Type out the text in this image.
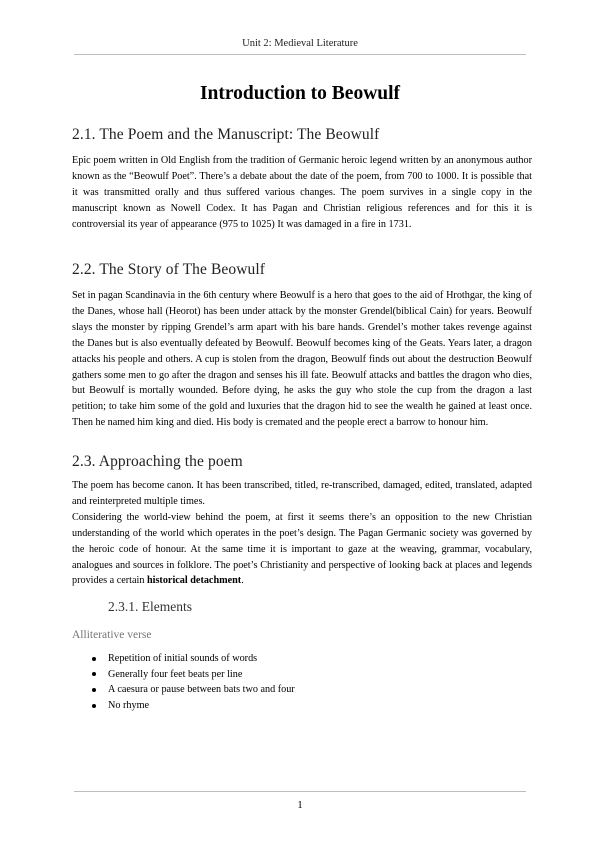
Unit 2: Medieval Literature
Introduction to Beowulf
2.1. The Poem and the Manuscript: The Beowulf

Epic poem written in Old English from the tradition of Germanic heroic legend written by an anonymous author known as the “Beowulf Poet”. There’s a debate about the date of the poem, from 700 to 1000. It is possible that it was transmitted orally and thus suffered various changes. The poem survives in a single copy in the manuscript known as Nowell Codex. It has Pagan and Christian religious references and for this it is controversial its year of appearance (975 to 1025) It was damaged in a fire in 1731.

2.2. The Story of The Beowulf

Set in pagan Scandinavia in the 6th century where Beowulf is a hero that goes to the aid of Hrothgar, the king of the Danes, whose hall (Heorot) has been under attack by the monster Grendel(biblical Cain) for years. Beowulf slays the monster by ripping Grendel’s arm apart with his bare hands. Grendel’s mother takes revenge against the Danes but is also eventually defeated by Beowulf. Beowulf becomes king of the Geats. Years later, a dragon attacks his people and others. A cup is stolen from the dragon, Beowulf finds out about the destruction Beowulf gathers some men to go after the dragon and senses his ill fate. Beowulf attacks and battles the dragon who dies, but Beowulf is mortally wounded. Before dying, he asks the guy who stole the cup from the dragon a last petition; to take him some of the gold and luxuries that the dragon hid to see the wealth he gained at least once. Then he named him king and died. His body is cremated and the people erect a barrow to honour him.

2.3. Approaching the poem

The poem has become canon. It has been transcribed, titled, re-transcribed, damaged, edited, translated, adapted and reinterpreted multiple times.
Considering the world-view behind the poem, at first it seems there’s an opposition to the new Christian understanding of the world which operates in the poet’s design. The Pagan Germanic society was governed by the heroic code of honour. At the same time it is important to gaze at the weaving, grammar, vocabulary, analogues and sources in folklore. The poet’s Christianity and perspective of looking back at places and legends provides a certain historical detachment.

2.3.1. Elements
Alliterative verse
Repetition of initial sounds of words
Generally four feet beats per line
A caesura or pause between bats two and four
No rhyme
1
